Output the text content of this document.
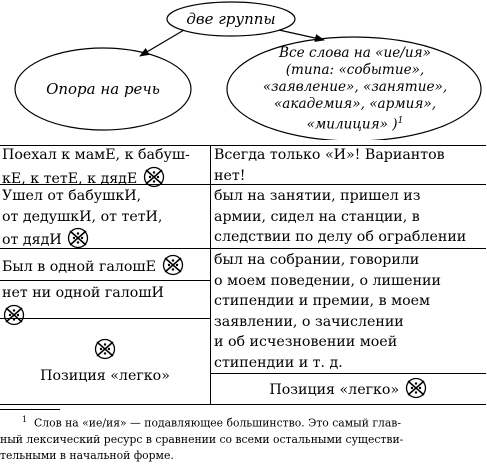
две группы
Опора на речь
Все слова на «ие/ия»
(типа: «событие»,
«заявление», «занятие»,
«академия», «армия»,
«милиция» )$^1$
Поехал к мамЕ, к бабуш-
кЕ, к тетЕ, к дядЕ
Ушел от бабушкИ,
от дедушкИ, от тетИ,
от дядИ
Был в одной галошЕ
нет ни одной галошИ
Позиция «легко»
Всегда только «И»! Вариантов
нет!
был на занятии, пришел из
армии, сидел на станции, в
следствии по делу об ограблении
был на собрании, говорили
о моем поведении, о лишении
стипендии и премии, в моем
заявлении, о зачислении
и об исчезновении моей
стипендии и т. д.
Позиция «легко»
$^1$ Слов на «ие/ия» — подавляющее большинство. Это самый глав-
ный лексический ресурс в сравнении со всеми остальными существи-
тельными в начальной форме.
